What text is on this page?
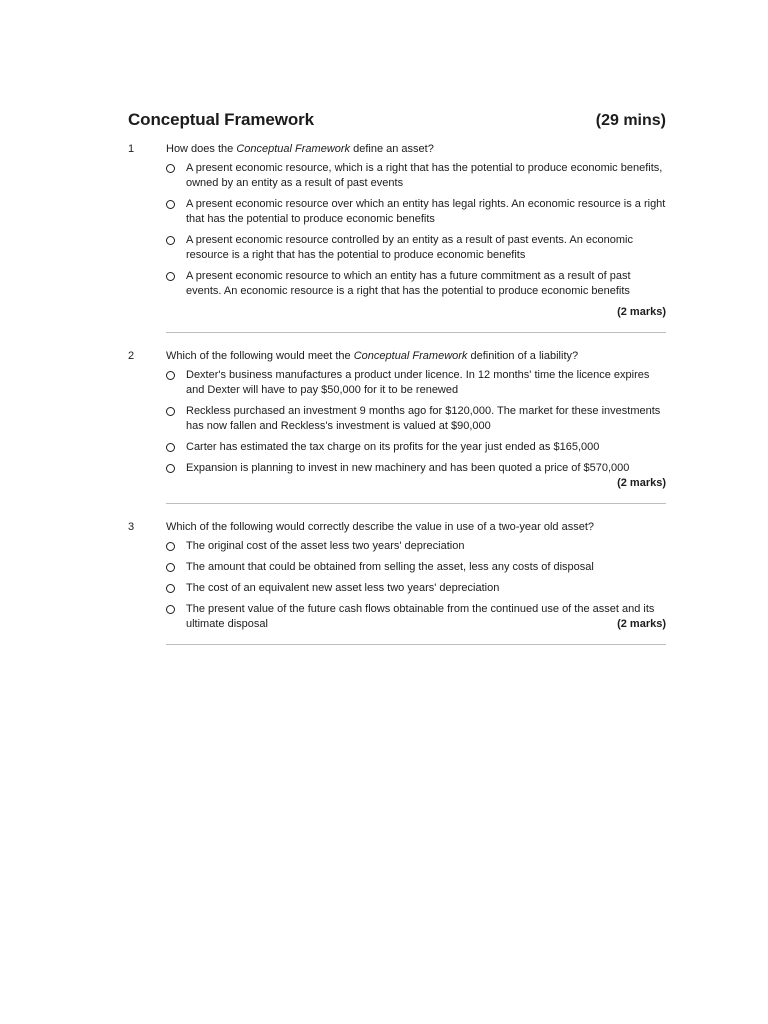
Conceptual Framework	(29 mins)
1	How does the Conceptual Framework define an asset?
A present economic resource, which is a right that has the potential to produce economic benefits, owned by an entity as a result of past events
A present economic resource over which an entity has legal rights. An economic resource is a right that has the potential to produce economic benefits
A present economic resource controlled by an entity as a result of past events. An economic resource is a right that has the potential to produce economic benefits
A present economic resource to which an entity has a future commitment as a result of past events. An economic resource is a right that has the potential to produce economic benefits
(2 marks)
2	Which of the following would meet the Conceptual Framework definition of a liability?
Dexter's business manufactures a product under licence. In 12 months' time the licence expires and Dexter will have to pay $50,000 for it to be renewed
Reckless purchased an investment 9 months ago for $120,000. The market for these investments has now fallen and Reckless's investment is valued at $90,000
Carter has estimated the tax charge on its profits for the year just ended as $165,000
Expansion is planning to invest in new machinery and has been quoted a price of $570,000
(2 marks)
3	Which of the following would correctly describe the value in use of a two-year old asset?
The original cost of the asset less two years' depreciation
The amount that could be obtained from selling the asset, less any costs of disposal
The cost of an equivalent new asset less two years' depreciation
The present value of the future cash flows obtainable from the continued use of the asset and its ultimate disposal	(2 marks)
